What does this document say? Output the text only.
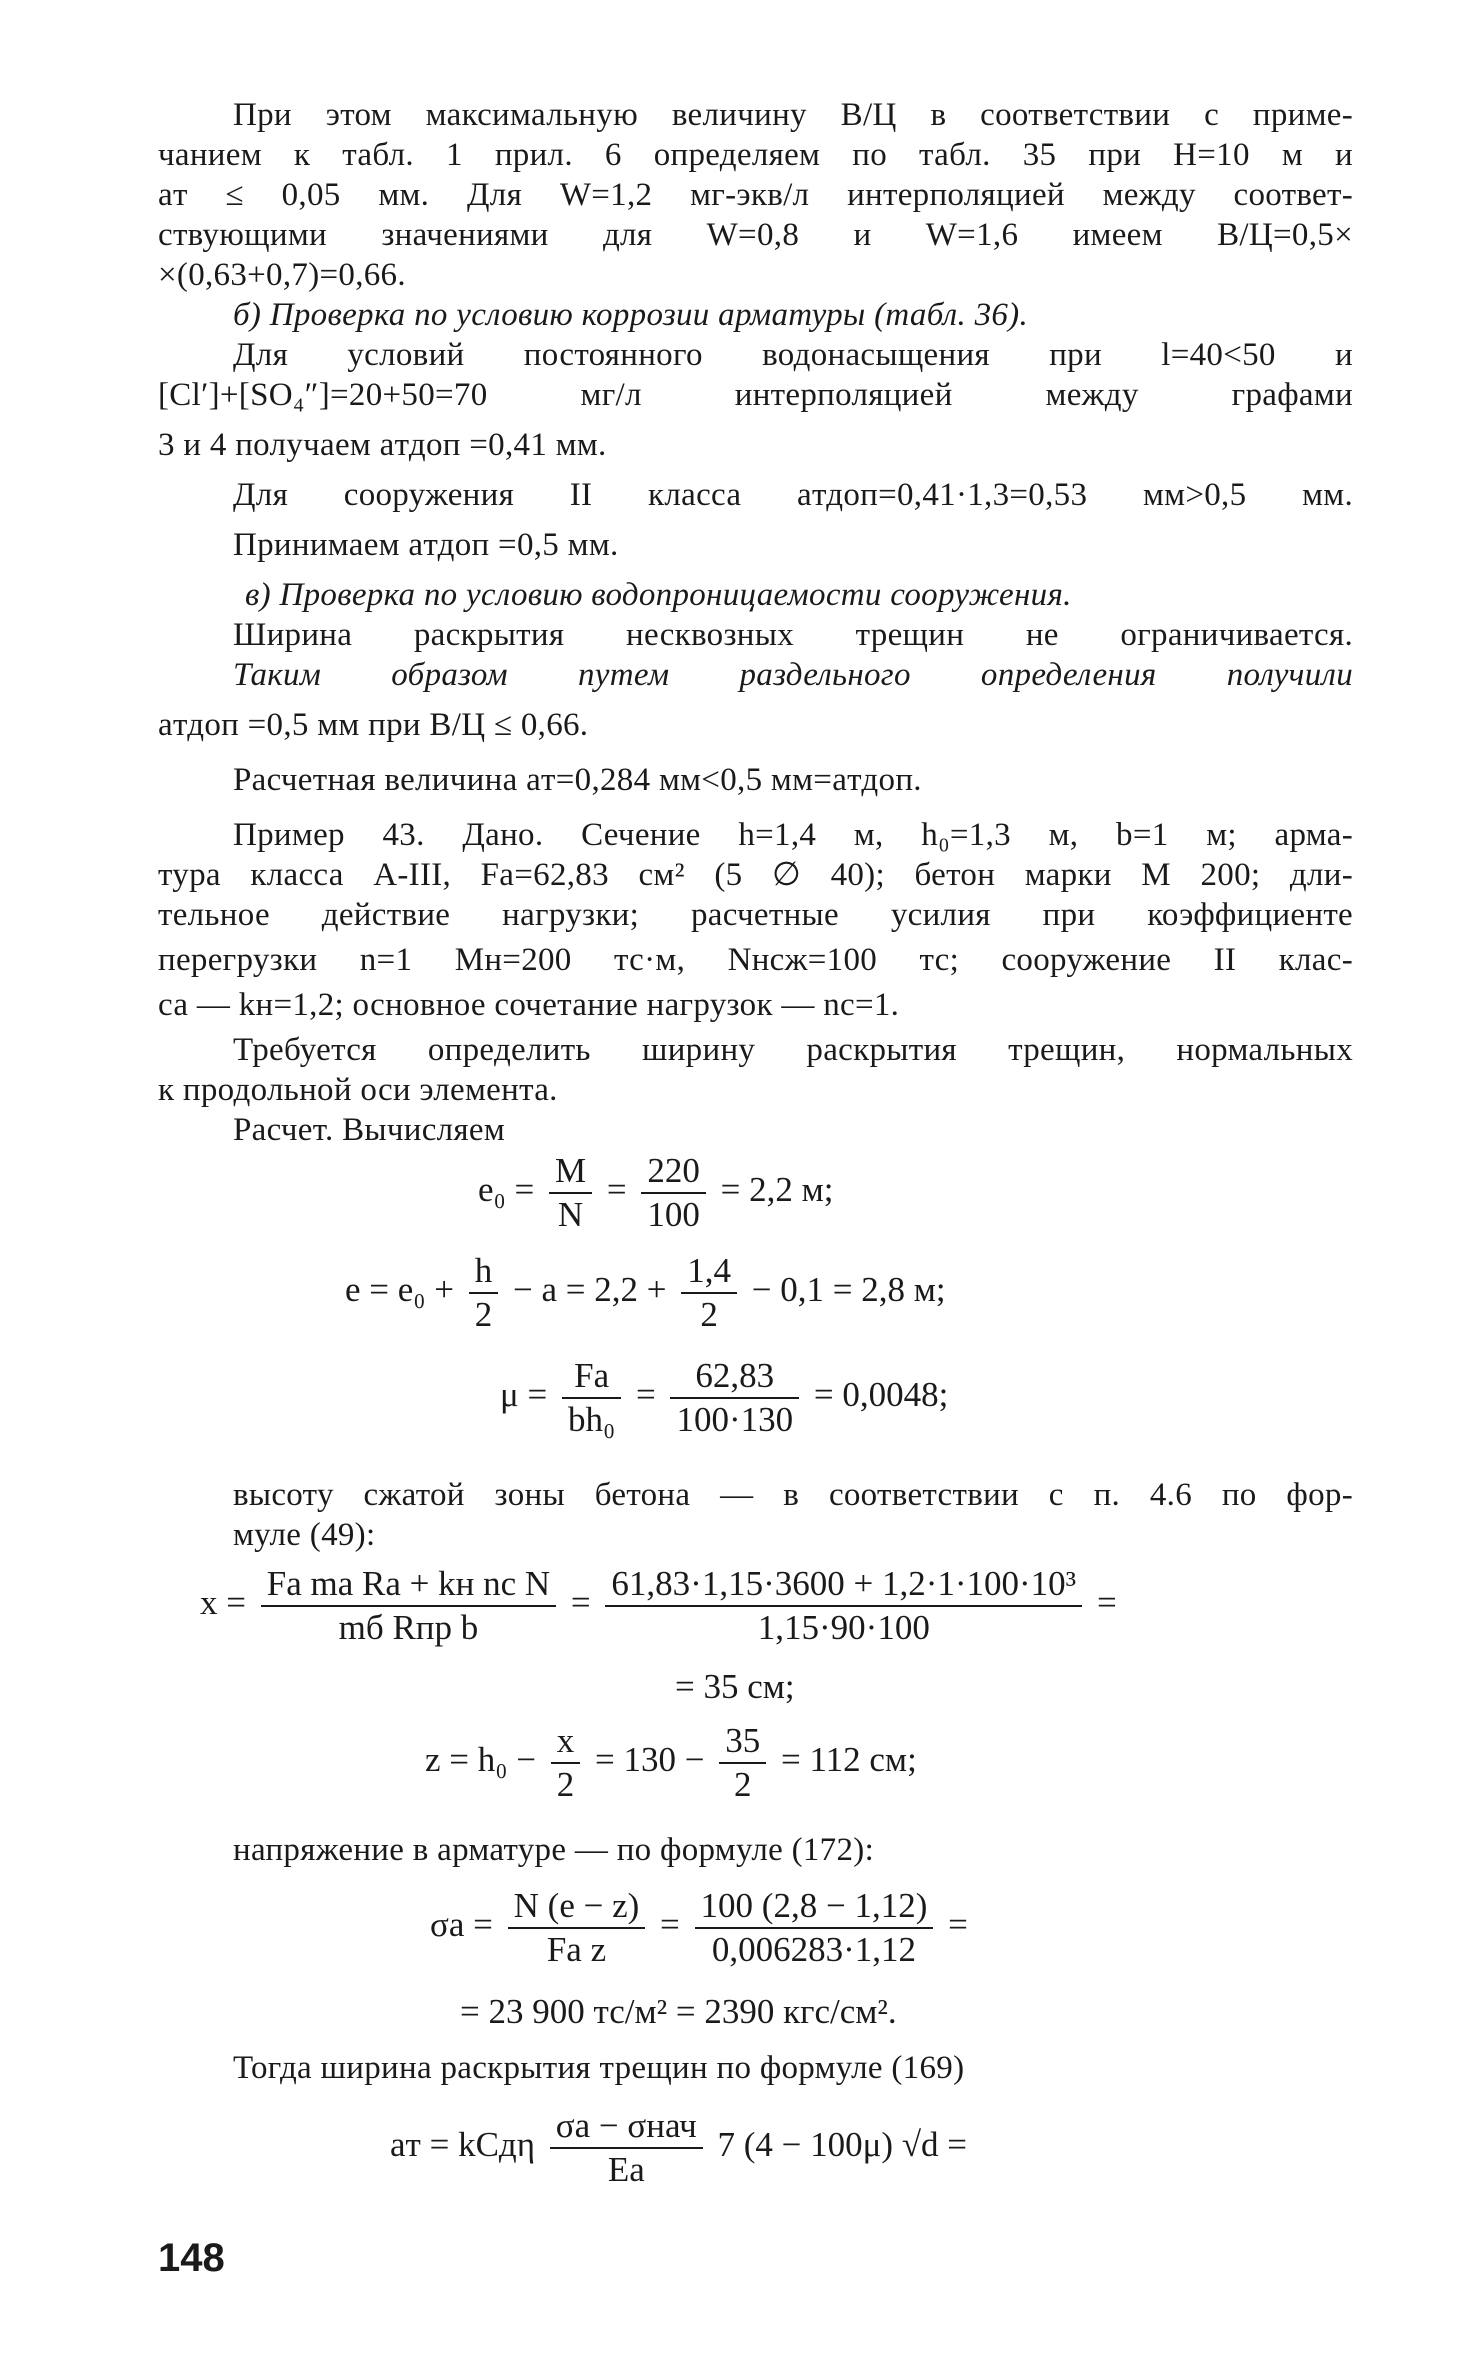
При этом максимальную величину В/Ц в соответствии с приме-
чанием к табл. 1 прил. 6 определяем по табл. 35 при H=10 м и
aт ≤ 0,05 мм. Для W=1,2 мг-экв/л интерполяцией между соответ-
ствующими значениями для W=0,8 и W=1,6 имеем В/Ц=0,5×
×(0,63+0,7)=0,66.
б) Проверка по условию коррозии арматуры (табл. 36).
Для условий постоянного водонасыщения при l=40<50 и
[Cl′]+[SO₄″]=20+50=70 мг/л интерполяцией между графами
3 и 4 получаем aтдоп =0,41 мм.
Для сооружения II класса aтдоп=0,41·1,3=0,53 мм>0,5 мм.
Принимаем aтдоп =0,5 мм.
в) Проверка по условию водопроницаемости сооружения.
Ширина раскрытия несквозных трещин не ограничивается.
Таким образом путем раздельного определения получили
aтдоп =0,5 мм при В/Ц ≤ 0,66.
Расчетная величина aт=0,284 мм<0,5 мм=aтдоп.
Пример 43. Дано. Сечение h=1,4 м, h₀=1,3 м, b=1 м; арма-
тура класса А-III, Fa=62,83 см² (5 ∅ 40); бетон марки М 200; дли-
тельное действие нагрузки; расчетные усилия при коэффициенте
перегрузки n=1 Mн=200 тс·м, Nнсж=100 тс; сооружение II клас-
са — kн=1,2; основное сочетание нагрузок — nc=1.
Требуется определить ширину раскрытия трещин, нормальных
к продольной оси элемента.
Расчет. Вычисляем
$e_0 = \frac{M}{N} = \frac{220}{100} = 2,2$ м;
$e = e_0 + \frac{h}{2} - a = 2,2 + \frac{1,4}{2} - 0,1 = 2,8$ м;
$\mu = \frac{Fa}{\text{bh₀}} = \frac{62,83}{100\cdot 130} = 0,0048$;
высоту сжатой зоны бетона — в соответствии с п. 4.6 по фор-
муле (49):
$x = \frac{\text{Fa mа Rа + kн nc N}}{\text{mб Rпр b}} = \frac{\text{61,83·1,15·3600 + 1,2·1·100·10³}}{1,15\cdot 90\cdot 100}$ =
= 35 см;
$z = h_0 - \frac{x}{2} = 130 - \frac{35}{2} = 112$ см;
напряжение в арматуре — по формуле (172):
$\sigma a = \frac{N (e - z)}{\text{Fa z}} = \frac{100 (2,8 - 1,12)}{0,006283\cdot 1,12}$ =
= 23 900 тс/м² = 2390 кгс/см².
Тогда ширина раскрытия трещин по формуле (169)
aт = kCдη $\frac{\text{σa − σнач}}{Ea} 7$ (4 − 100μ) √d =
148
